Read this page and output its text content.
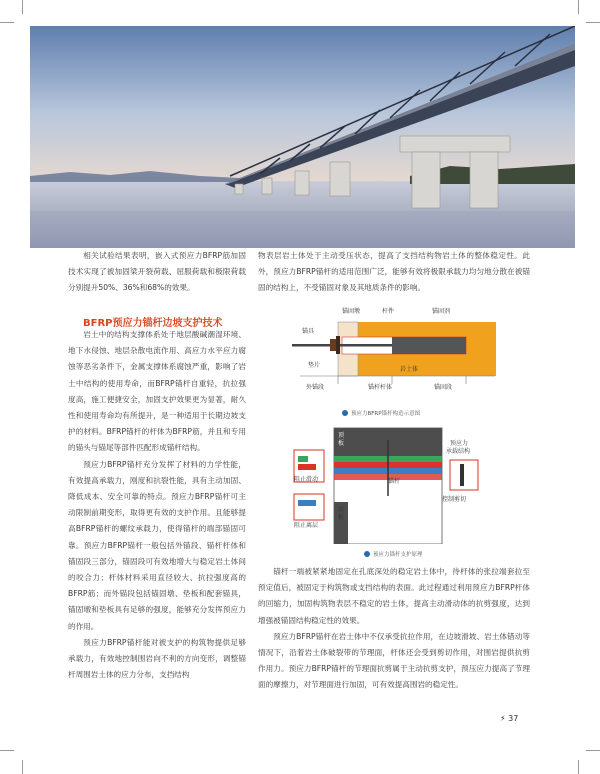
相关试验结果表明，嵌入式预应力BFRP筋加固技术实现了被加固梁开裂荷载、屈服荷载和极限荷载分别提升50%、36%和68%的效果。

BFRP预应力锚杆边坡支护技术

岩土中的结构支撑体系处于地层酸碱潮湿环境、地下水侵蚀、地层杂散电流作用、高应力水平应力腐蚀等恶劣条件下，金属支撑体系腐蚀严重，影响了岩土中结构的使用寿命，而BFRP锚杆自重轻，抗拉强度高，施工便捷安全，加固支护效果更为显著，耐久性和使用寿命均有所提升，是一种适用于长期边坡支护的材料。BFRP锚杆的杆体为BFRP筋，并且和专用的锚头与锚尾等部件匹配形成锚杆结构。

预应力BFRP锚杆充分发挥了材料的力学性能，有效提高承载力，刚度和抗裂性能，具有主动加固、降低成本、安全可靠的特点。预应力BFRP锚杆可主动限制前期变形，取得更有效的支护作用。且能够提高BFRP锚杆的螺纹承载力，使得锚杆的端部锚固可靠。预应力BFRP锚杆一般包括外锚段、锚杆杆体和锚固段三部分，锚固段可有效地增大与稳定岩土体间的咬合力；杆体材料采用直径较大、抗拉强度高的BFRP筋；而外锚段包括锚固墩、垫板和配套锚具，锚固墩和垫板具有足够的强度，能够充分发挥预应力的作用。

预应力BFRP锚杆能对被支护的构筑物提供足够承载力，有效地控制围岩向不利的方向变形，调整锚杆周围岩土体的应力分布，支挡结构

物表层岩土体处于主动受压状态，提高了支挡结构物岩土体的整体稳定性。此外，预应力BFRP锚杆的适用范围广泛，能够有效将极限承载力均匀地分散在被锚固的结构上，不受锚固对象及其地质条件的影响。

锚固墩	杆件	锚固剂
锚具
垫片
岩土体
外锚段	锚杆杆体	锚固段
预应力BFRP锚杆构造示意图
顶板	预应力
承载结构
阻止滑动	锚杆
控制剪切
阻止离层
底板
预应力锚杆支护原理

锚杆一端被紧紧地固定在孔底深处的稳定岩土体中，待杆体的张拉端套拉至预定值后，被固定于构筑物或支挡结构的表面。此过程通过利用预应力BFRP杆体的回缩力，加固构筑物表层不稳定的岩土体，提高主动滑动体的抗剪强度，达到增强被锚固结构稳定性的效果。

预应力BFRP锚杆在岩土体中不仅承受抗拉作用，在边坡滑坡、岩土体错动等情况下，沿着岩土体破裂带的节理面，杆体还会受到剪切作用，对围岩提供抗剪作用力。预应力BFRP锚杆的节理面抗剪属于主动抗剪支护，预压应力提高了节理面的摩擦力，对节理面进行加固，可有效提高围岩的稳定性。

⚡ 37
